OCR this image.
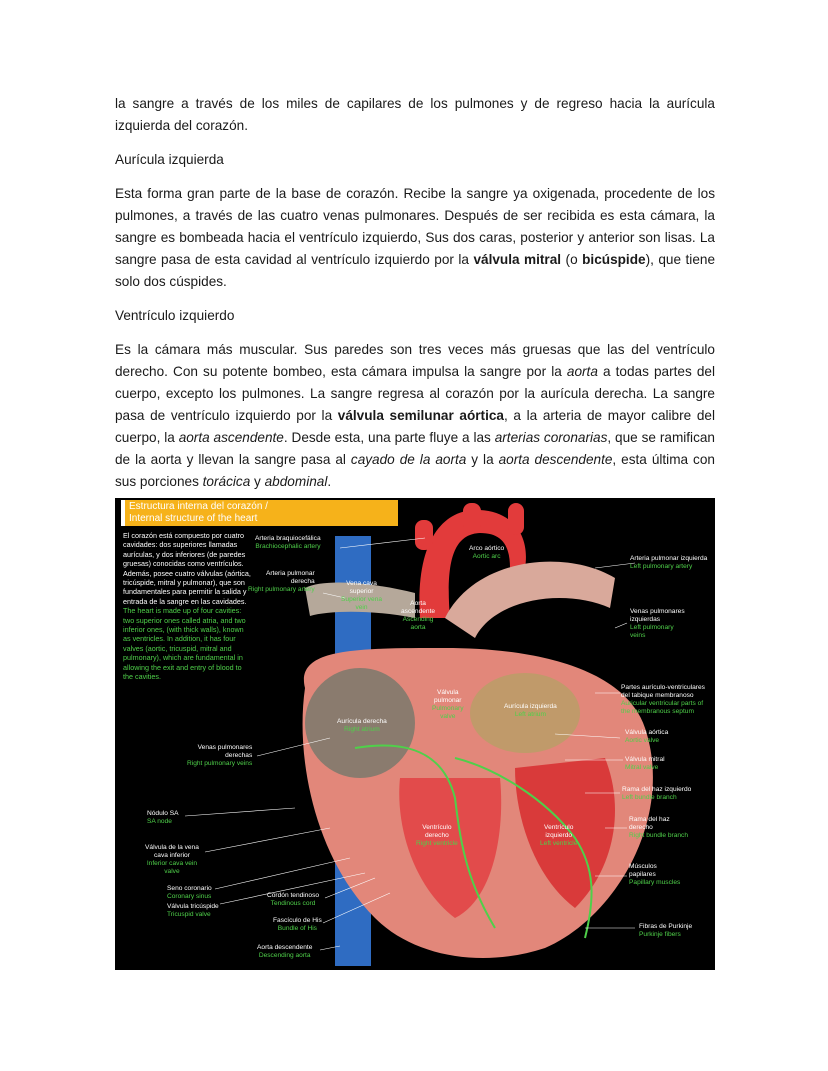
la sangre a través de los miles de capilares de los pulmones y de regreso hacia la aurícula izquierda del corazón.

Aurícula izquierda

Esta forma gran parte de la base de corazón. Recibe la sangre ya oxigenada, procedente de los pulmones, a través de las cuatro venas pulmonares. Después de ser recibida es esta cámara, la sangre es bombeada hacia el ventrículo izquierdo, Sus dos caras, posterior y anterior son lisas. La sangre pasa de esta cavidad al ventrículo izquierdo por la válvula mitral (o bicúspide), que tiene solo dos cúspides.

Ventrículo izquierdo

Es la cámara más muscular. Sus paredes son tres veces más gruesas que las del ventrículo derecho. Con su potente bombeo, esta cámara impulsa la sangre por la aorta a todas partes del cuerpo, excepto los pulmones. La sangre regresa al corazón por la aurícula derecha. La sangre pasa de ventrículo izquierdo por la válvula semilunar aórtica, a la arteria de mayor calibre del cuerpo, la aorta ascendente. Desde esta, una parte fluye a las arterias coronarias, que se ramifican de la aorta y llevan la sangre pasa al cayado de la aorta y la aorta descendente, esta última con sus porciones torácica y abdominal.

Estructura interna del corazón /
Internal structure of the heart
El corazón está compuesto por cuatro cavidades: dos superiores llamadas aurículas, y dos inferiores (de paredes gruesas) conocidas como ventrículos. Además, posee cuatro válvulas (aórtica, tricúspide, mitral y pulmonar), que son fundamentales para permitir la salida y entrada de la sangre en las cavidades. The heart is made up of four cavities: two superior ones called atria, and two inferior ones, (with thick walls), known as ventricles. In addition, it has four valves (aortic, tricuspid, mitral and pulmonary), which are fundamental in allowing the exit and entry of blood to the cavities.
Arteria braquiocefálica
Brachiocephalic artery
Arteria pulmonar
derecha
Right pulmonary artery
Vena cava
superior
Superior vena
vein
Arco aórtico
Aortic arc
Aorta
ascendente
Ascending
aorta
Arteria pulmonar izquierda
Left pulmonary artery
Venas pulmonares
izquierdas
Left pulmonary
veins
Partes aurículo-ventriculares
del tabique membranoso
Auricular ventricular parts of
the membranous septum
Válvula aórtica
Aortic valve
Válvula mitral
Mitral valve
Rama del haz izquierdo
Left bundle branch
Rama del haz
derecho
Right bundle branch
Músculos
papilares
Papillary muscles
Fibras de Purkinje
Purkinje fibers
Válvula
pulmonar
Pulmonary
valve
Aurícula derecha
Right atrium
Aurícula izquierda
Left atrium
Venas pulmonares
derechas
Right pulmonary veins
Nódulo SA
SA node
Válvula de la vena
cava inferior
Inferior cava vein
valve
Seno coronario
Coronary sinus
Válvula tricúspide
Tricuspid valve
Cordón tendinoso
Tendinous cord
Fascículo de His
Bundle of His
Aorta descendente
Descending aorta
Ventrículo
derecho
Right ventricle
Ventrículo
izquierdo
Left ventricle
